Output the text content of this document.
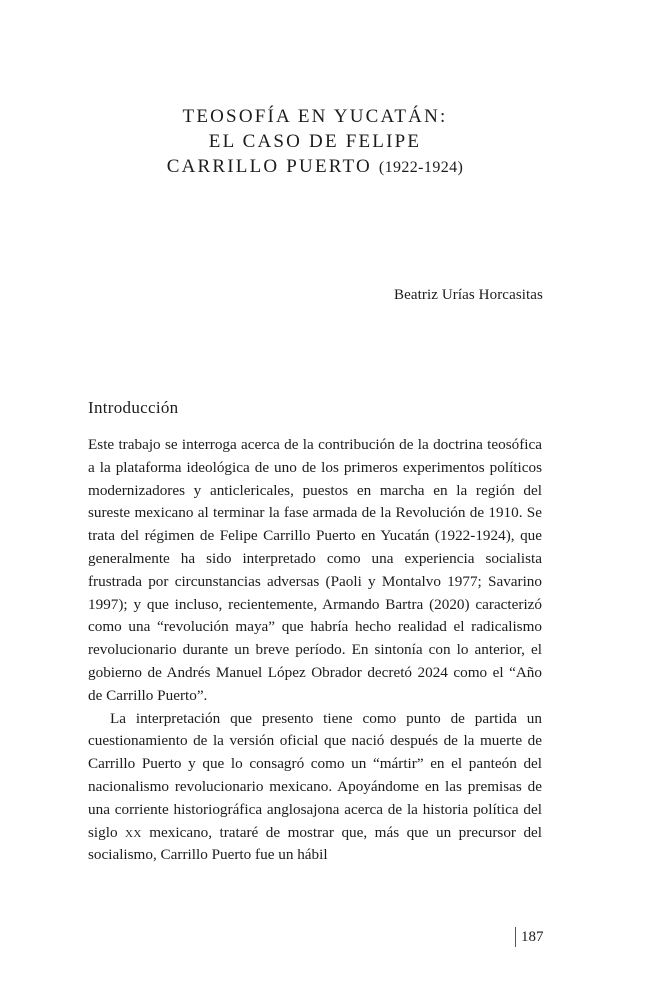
TEOSOFÍA EN YUCATÁN:
EL CASO DE FELIPE
CARRILLO PUERTO (1922-1924)
Beatriz Urías Horcasitas
Introducción

Este trabajo se interroga acerca de la contribución de la doctrina teosófica a la plataforma ideológica de uno de los primeros experimentos políticos modernizadores y anticlericales, puestos en marcha en la región del sureste mexicano al terminar la fase armada de la Revolución de 1910. Se trata del régimen de Felipe Carrillo Puerto en Yucatán (1922-1924), que generalmente ha sido interpretado como una experiencia socialista frustrada por circunstancias adversas (Paoli y Montalvo 1977; Savarino 1997); y que incluso, recientemente, Armando Bartra (2020) caracterizó como una “revolución maya” que habría hecho realidad el radicalismo revolucionario durante un breve período. En sintonía con lo anterior, el gobierno de Andrés Manuel López Obrador decretó 2024 como el “Año de Carrillo Puerto”.

La interpretación que presento tiene como punto de partida un cuestionamiento de la versión oficial que nació después de la muerte de Carrillo Puerto y que lo consagró como un “mártir” en el panteón del nacionalismo revolucionario mexicano. Apoyándome en las premisas de una corriente historiográfica anglosajona acerca de la historia política del siglo xx mexicano, trataré de mostrar que, más que un precursor del socialismo, Carrillo Puerto fue un hábil

187
